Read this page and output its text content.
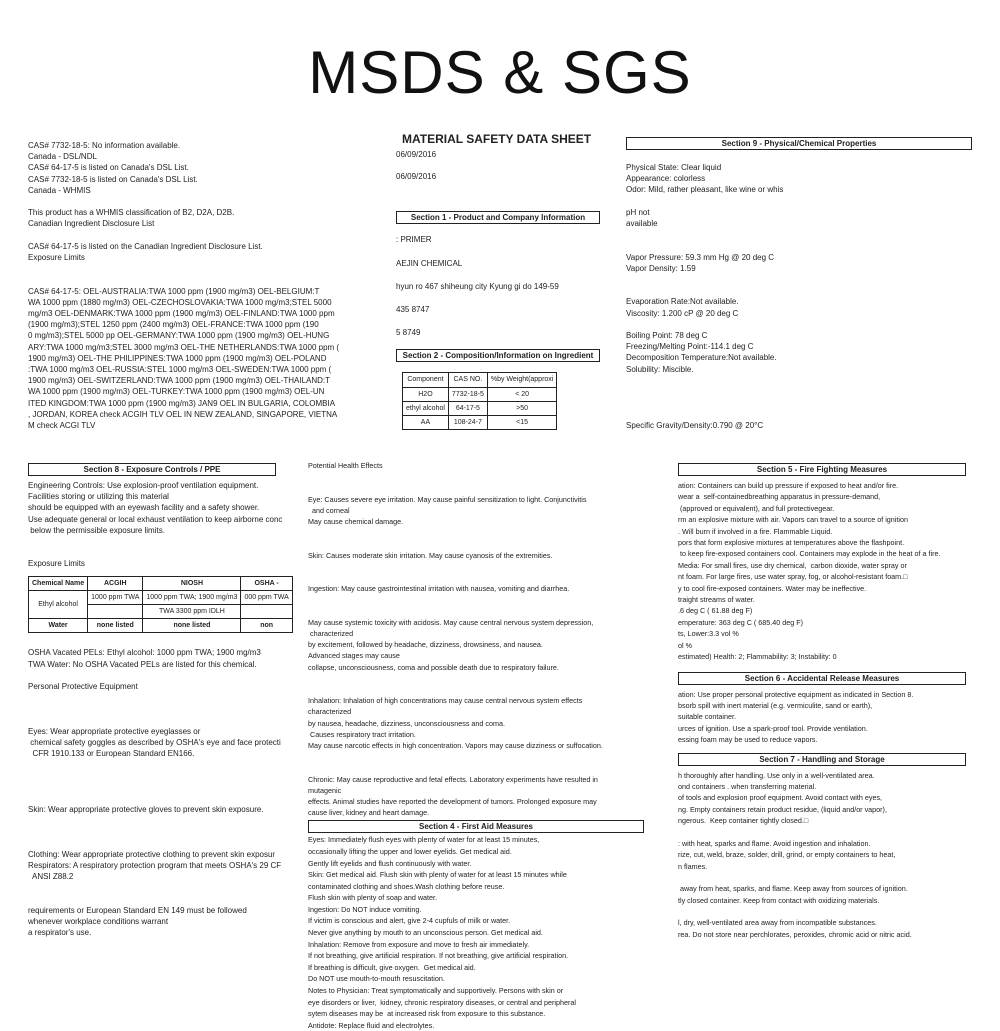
MSDS & SGS
CAS# 7732-18-5: No information available.
Canada - DSL/NDL
CAS# 64-17-5 is listed on Canada's DSL List.
CAS# 7732-18-5 is listed on Canada's DSL List.
Canada - WHMIS
This product has a WHMIS classification of B2, D2A, D2B.
Canadian Ingredient Disclosure List
CAS# 64-17-5 is listed on the Canadian Ingredient Disclosure List.
Exposure Limits
CAS# 64-17-5: OEL-AUSTRALIA:TWA 1000 ppm (1900 mg/m3) OEL-BELGIUM:T
WA 1000 ppm (1880 mg/m3) OEL-CZECHOSLOVAKIA:TWA 1000 mg/m3;STEL 5000
mg/m3 OEL-DENMARK:TWA 1000 ppm (1900 mg/m3) OEL-FINLAND:TWA 1000 ppm
(1900 mg/m3);STEL 1250 ppm (2400 mg/m3) OEL-FRANCE:TWA 1000 ppm (190
0 mg/m3);STEL 5000 pp OEL-GERMANY:TWA 1000 ppm (1900 mg/m3) OEL-HUNG
ARY:TWA 1000 mg/m3;STEL 3000 mg/m3 OEL-THE NETHERLANDS:TWA 1000 ppm (
1900 mg/m3) OEL-THE PHILIPPINES:TWA 1000 ppm (1900 mg/m3) OEL-POLAND
:TWA 1000 mg/m3 OEL-RUSSIA:STEL 1000 mg/m3 OEL-SWEDEN:TWA 1000 ppm (
1900 mg/m3) OEL-SWITZERLAND:TWA 1000 ppm (1900 mg/m3) OEL-THAILAND:T
WA 1000 ppm (1900 mg/m3) OEL-TURKEY:TWA 1000 ppm (1900 mg/m3) OEL-UN
ITED KINGDOM:TWA 1000 ppm (1900 mg/m3) JAN9 OEL IN BULGARIA, COLOMBIA
, JORDAN, KOREA check ACGIH TLV OEL IN NEW ZEALAND, SINGAPORE, VIETNA
M check ACGI TLV
MATERIAL SAFETY DATA SHEET
06/09/2016
06/09/2016
Section 1 - Product and Company Information
: PRIMER
AEJIN CHEMICAL
hyun ro 467 shiheung city Kyung gi do 149-59
435 8747
5 8749
Section 2 - Composition/Information on Ingredient
Component	CAS NO.	%by Weight(approxi
H2O	7732-18-5	< 20
ethyl alcohol	64-17-5	>50
AA	108-24-7	<15
Section 9 - Physical/Chemical Properties
Physical State: Clear liquid
Appearance: colorless
Odor: Mild, rather pleasant, like wine or whis
pH not
available
Vapor Pressure: 59.3 mm Hg @ 20 deg C
Vapor Density: 1.59
Evaporation Rate:Not available.
Viscosity: 1.200 cP @ 20 deg C
Boiling Point: 78 deg C
Freezing/Melting Point:-114.1 deg C
Decomposition Temperature:Not available.
Solubility: Miscible.
Specific Gravity/Density:0.790 @ 20°C
Section 8 - Exposure Controls / PPE
Engineering Controls: Use explosion-proof ventilation equipment.
Facilities storing or utilizing this material
should be equipped with an eyewash facility and a safety shower.
Use adequate general or local exhaust ventilation to keep airborne conc
below the permissible exposure limits.
Exposure Limits
Chemical Name	ACGIH	NIOSH	OSHA -
Ethyl alcohol	1000 ppm TWA	1000 ppm TWA; 1900 mg/m3	000 ppm TWA
		TWA 3300 ppm IDLH	
Water	none listed	none listed	non
OSHA Vacated PELs: Ethyl alcohol: 1000 ppm TWA; 1900 mg/m3
TWA Water: No OSHA Vacated PELs are listed for this chemical.
Personal Protective Equipment
Eyes: Wear appropriate protective eyeglasses or
chemical safety goggles as described by OSHA's eye and face protecti
CFR 1910.133 or European Standard EN166.
Skin: Wear appropriate protective gloves to prevent skin exposure.
Clothing: Wear appropriate protective clothing to prevent skin exposur
Respirators: A respiratory protection program that meets OSHA's 29 CF
ANSI Z88.2
requirements or European Standard EN 149 must be followed
whenever workplace conditions warrant
a respirator's use.
Potential Health Effects
Eye: Causes severe eye irritation. May cause painful sensitization to light. Conjunctivitis
and corneal
May cause chemical damage.
Skin: Causes moderate skin irritation. May cause cyanosis of the extremities.
Ingestion: May cause gastrointestinal irritation with nausea, vomiting and diarrhea.
May cause systemic toxicity with acidosis. May cause central nervous system depression,
characterized
by excitement, followed by headache, dizziness, drowsiness, and nausea.
Advanced stages may cause
collapse, unconsciousness, coma and possible death due to respiratory failure.
Inhalation: Inhalation of high concentrations may cause central nervous system effects
characterized
by nausea, headache, dizziness, unconsciousness and coma.
Causes respiratory tract irritation.
May cause narcotic effects in high concentration. Vapors may cause dizziness or suffocation.
Chronic: May cause reproductive and fetal effects. Laboratory experiments have resulted in
mutagenic
effects. Animal studies have reported the development of tumors. Prolonged exposure may
cause liver, kidney and heart damage.
Section 4 - First Aid Measures
Eyes: Immediately flush eyes with plenty of water for at least 15 minutes,
occasionally lifting the upper and lower eyelids. Get medical aid.
Gently lift eyelids and flush continuously with water.
Skin: Get medical aid. Flush skin with plenty of water for at least 15 minutes while
contaminated clothing and shoes.Wash clothing before reuse.
Flush skin with plenty of soap and water.
Ingestion: Do NOT induce vomiting.
If victim is conscious and alert, give 2-4 cupfuls of milk or water.
Never give anything by mouth to an unconscious person. Get medical aid.
Inhalation: Remove from exposure and move to fresh air immediately.
If not breathing, give artificial respiration. If not breathing, give artificial respiration.
If breathing is difficult, give oxygen.  Get medical aid.
Do NOT use mouth-to-mouth resuscitation.
Notes to Physician: Treat symptomatically and supportively. Persons with skin or
eye disorders or liver,  kidney, chronic respiratory diseases, or central and peripheral
sytem diseases may be  at increased risk from exposure to this substance.
Antidote: Replace fluid and electrolytes.
Section 5 - Fire Fighting Measures
ation: Containers can build up pressure if exposed to heat and/or fire.
wear a  self-containedbreathing apparatus in pressure-demand,
(approved or equivalent), and full protectivegear.
rm an explosive mixture with air. Vapors can travel to a source of ignition
. Will burn if involved in a fire. Flammable Liquid.
pors that form explosive mixtures at temperatures above the flashpoint.
to keep fire-exposed containers cool. Containers may explode in the heat of a fire.
Media: For small fires, use dry chemical,  carbon dioxide, water spray or
nt foam. For large fires, use water spray, fog, or alcohol-resistant foam.□
y to cool fire-exposed containers. Water may be ineffective.
traight streams of water.
.6 deg C ( 61.88 deg F)
emperature: 363 deg C ( 685.40 deg F)
ts, Lower:3.3 vol %
ol %
estimated) Health: 2; Flammability: 3; Instability: 0
Section 6 - Accidental Release Measures
ation: Use proper personal protective equipment as indicated in Section 8.
bsorb spill with inert material (e.g. vermiculite, sand or earth),
suitable container.
urces of ignition. Use a spark-proof tool. Provide ventilation.
essing foam may be used to reduce vapors.
Section 7 - Handling and Storage
h thoroughly after handling. Use only in a well-ventilated area.
ond containers . when transferring material.
of tools and explosion proof equipment. Avoid contact with eyes,
ng. Empty containers retain product residue, (liquid and/or vapor),
ngerous.  Keep container tightly closed.□
: with heat, sparks and flame. Avoid ingestion and inhalation.
rize, cut, weld, braze, solder, drill, grind, or empty containers to heat,
n flames.
away from heat, sparks, and flame. Keep away from sources of ignition.
tly closed container. Keep from contact with oxidizing materials.
l, dry, well-ventilated area away from incompatible substances.
rea. Do not store near perchlorates, peroxides, chromic acid or nitric acid.
